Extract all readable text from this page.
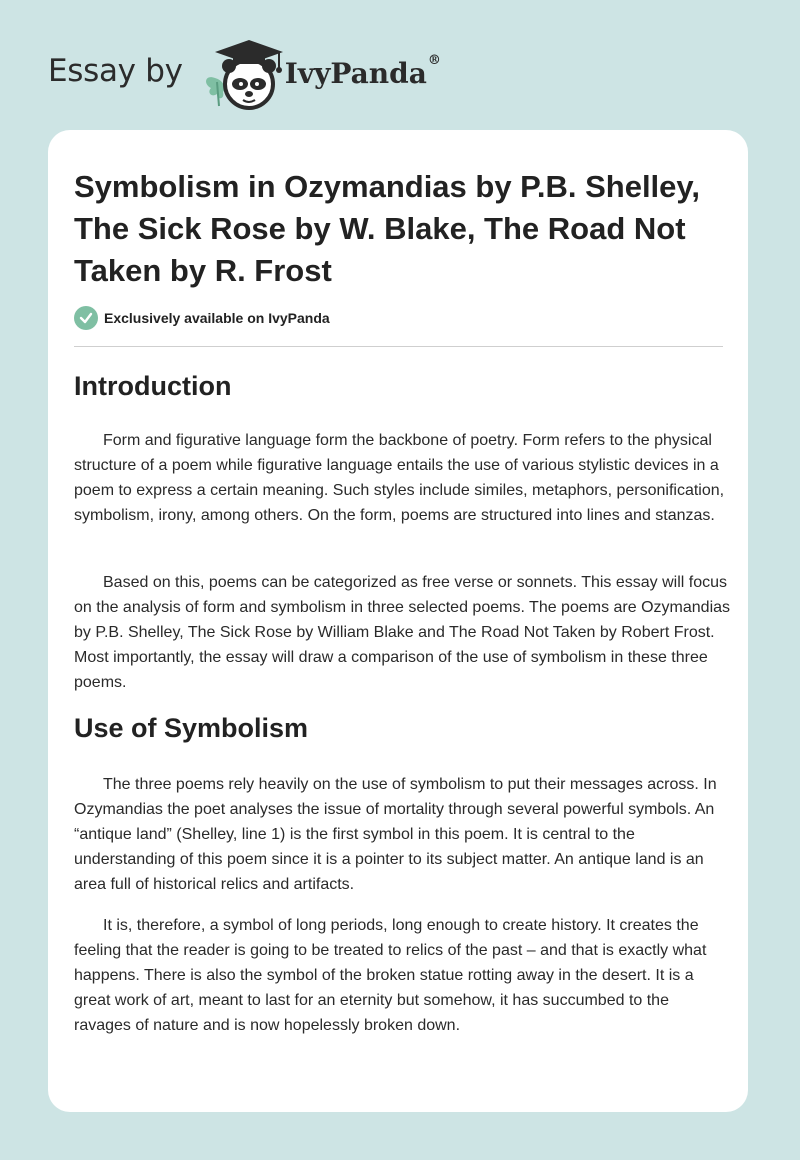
Essay by	IvyPanda®
Symbolism in Ozymandias by P.B. Shelley, The Sick Rose by W. Blake, The Road Not Taken by R. Frost
Exclusively available on IvyPanda
Introduction

Form and figurative language form the backbone of poetry. Form refers to the physical structure of a poem while figurative language entails the use of various stylistic devices in a poem to express a certain meaning. Such styles include similes, metaphors, personification, symbolism, irony, among others. On the form, poems are structured into lines and stanzas.

Based on this, poems can be categorized as free verse or sonnets. This essay will focus on the analysis of form and symbolism in three selected poems. The poems are Ozymandias by P.B. Shelley, The Sick Rose by William Blake and The Road Not Taken by Robert Frost. Most importantly, the essay will draw a comparison of the use of symbolism in these three poems.

Use of Symbolism

The three poems rely heavily on the use of symbolism to put their messages across. In Ozymandias the poet analyses the issue of mortality through several powerful symbols. An “antique land” (Shelley, line 1) is the first symbol in this poem. It is central to the understanding of this poem since it is a pointer to its subject matter. An antique land is an area full of historical relics and artifacts.

It is, therefore, a symbol of long periods, long enough to create history. It creates the feeling that the reader is going to be treated to relics of the past – and that is exactly what happens. There is also the symbol of the broken statue rotting away in the desert. It is a great work of art, meant to last for an eternity but somehow, it has succumbed to the ravages of nature and is now hopelessly broken down.
